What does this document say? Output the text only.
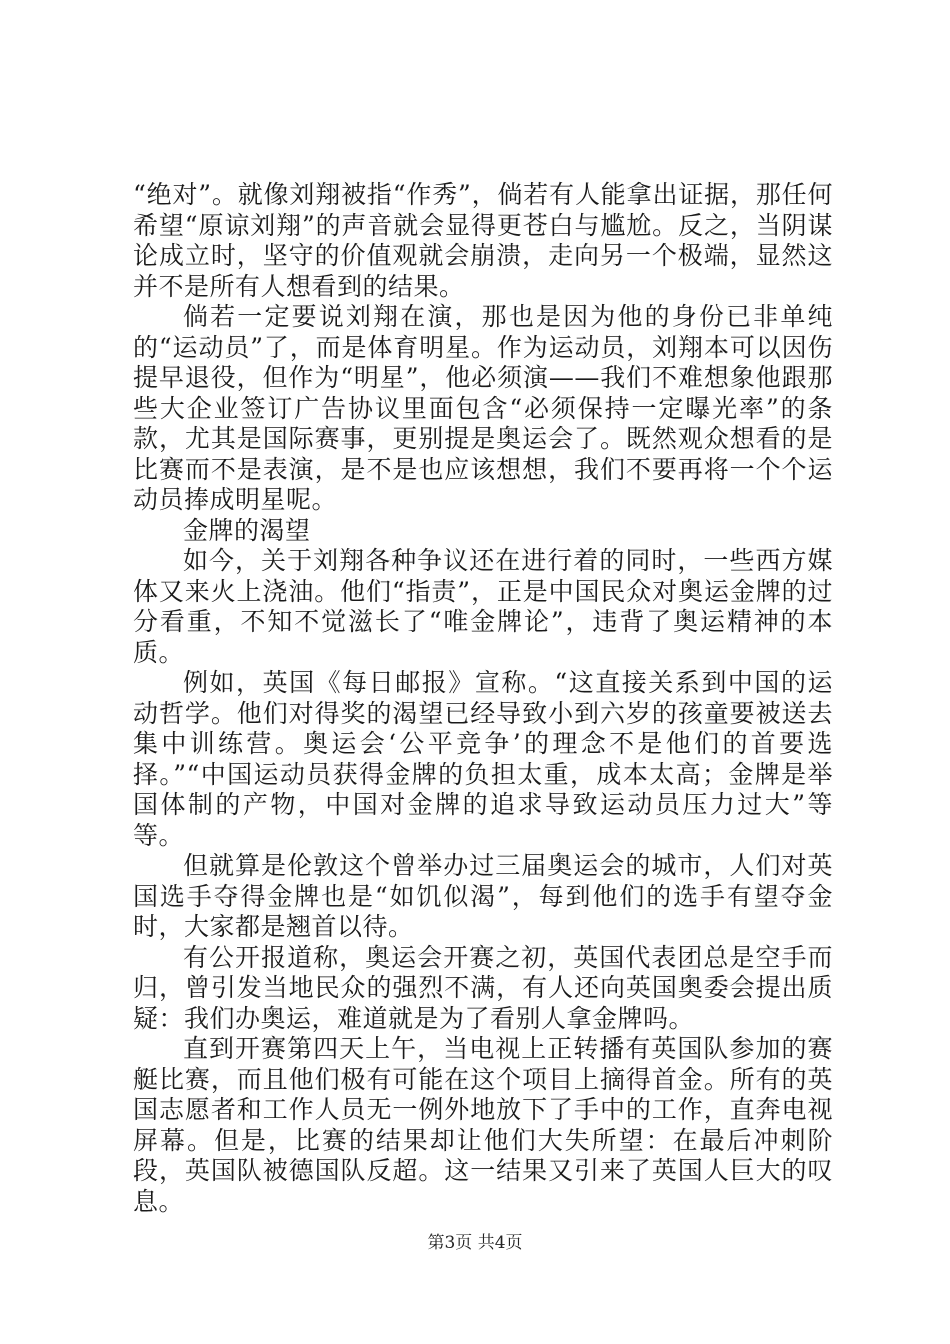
“绝对”。就像刘翔被指“作秀”，倘若有人能拿出证据，那任何希望“原谅刘翔”的声音就会显得更苍白与尴尬。反之，当阴谋论成立时，坚守的价值观就会崩溃，走向另一个极端，显然这并不是所有人想看到的结果。

倘若一定要说刘翔在演，那也是因为他的身份已非单纯的“运动员”了，而是体育明星。作为运动员，刘翔本可以因伤提早退役，但作为“明星”，他必须演——我们不难想象他跟那些大企业签订广告协议里面包含“必须保持一定曝光率”的条款，尤其是国际赛事，更别提是奥运会了。既然观众想看的是比赛而不是表演，是不是也应该想想，我们不要再将一个个运动员捧成明星呢。

金牌的渴望

如今，关于刘翔各种争议还在进行着的同时，一些西方媒体又来火上浇油。他们“指责”，正是中国民众对奥运金牌的过分看重，不知不觉滋长了“唯金牌论”，违背了奥运精神的本质。

例如，英国《每日邮报》宣称。“这直接关系到中国的运动哲学。他们对得奖的渴望已经导致小到六岁的孩童要被送去集中训练营。奥运会‘公平竞争’的理念不是他们的首要选择。”“中国运动员获得金牌的负担太重，成本太高；金牌是举国体制的产物，中国对金牌的追求导致运动员压力过大”等等。

但就算是伦敦这个曾举办过三届奥运会的城市，人们对英国选手夺得金牌也是“如饥似渴”，每到他们的选手有望夺金时，大家都是翘首以待。

有公开报道称，奥运会开赛之初，英国代表团总是空手而归，曾引发当地民众的强烈不满，有人还向英国奥委会提出质疑：我们办奥运，难道就是为了看别人拿金牌吗。

直到开赛第四天上午，当电视上正转播有英国队参加的赛艇比赛，而且他们极有可能在这个项目上摘得首金。所有的英国志愿者和工作人员无一例外地放下了手中的工作，直奔电视屏幕。但是，比赛的结果却让他们大失所望：在最后冲刺阶段，英国队被德国队反超。这一结果又引来了英国人巨大的叹息。

第3页 共4页
